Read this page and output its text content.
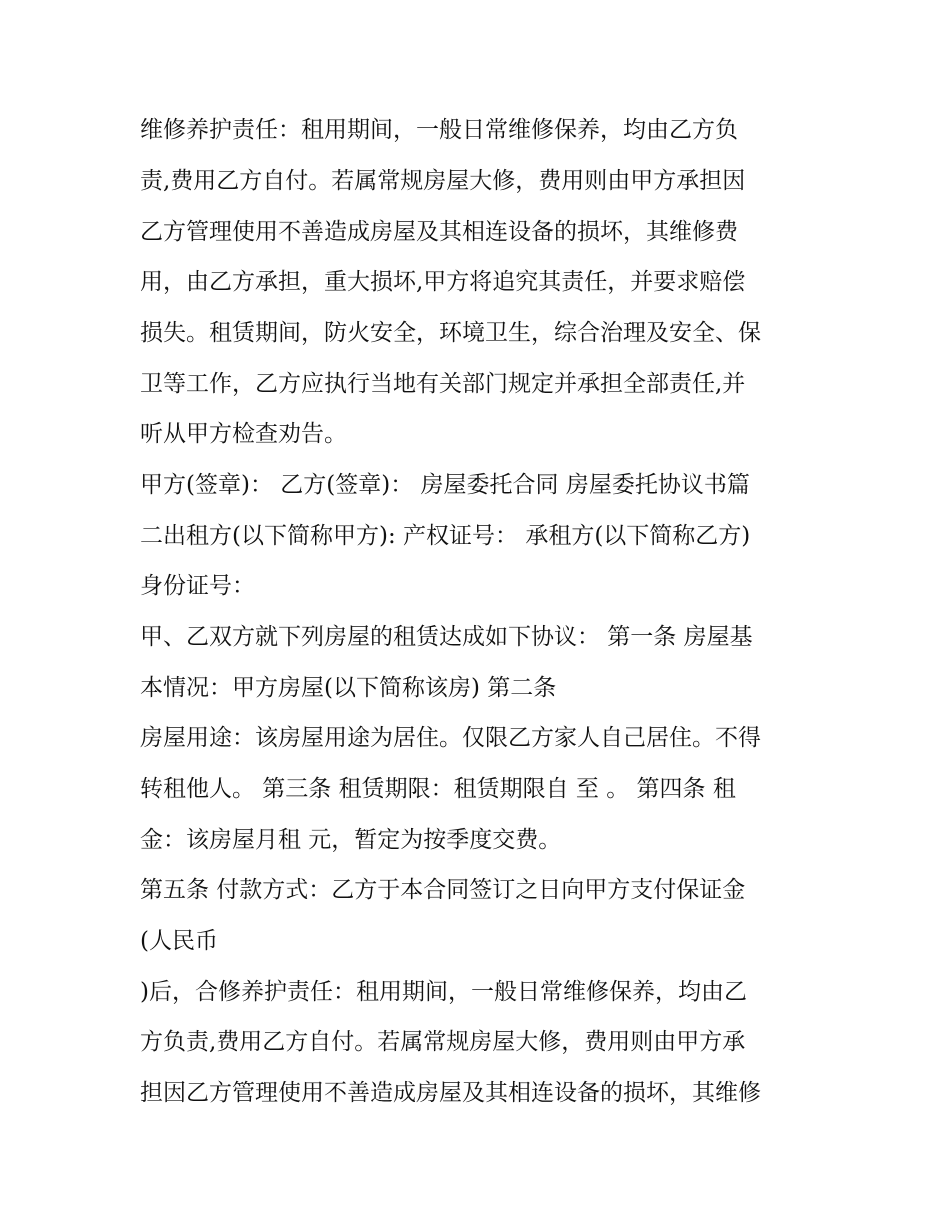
维修养护责任：租用期间，一般日常维修保养，均由乙方负
责,费用乙方自付。若属常规房屋大修，费用则由甲方承担因
乙方管理使用不善造成房屋及其相连设备的损坏，其维修费
用，由乙方承担，重大损坏,甲方将追究其责任，并要求赔偿
损失。租赁期间，防火安全，环境卫生，综合治理及安全、保
卫等工作，乙方应执行当地有关部门规定并承担全部责任,并
听从甲方检查劝告。
甲方(签章)： 乙方(签章)： 房屋委托合同 房屋委托协议书篇
二出租方(以下简称甲方): 产权证号： 承租方(以下简称乙方)
身份证号：
甲、乙双方就下列房屋的租赁达成如下协议： 第一条 房屋基
本情况：甲方房屋(以下简称该房) 第二条
房屋用途：该房屋用途为居住。仅限乙方家人自己居住。不得
转租他人。 第三条 租赁期限：租赁期限自 至 。 第四条 租
金：该房屋月租 元，暂定为按季度交费。
第五条 付款方式：乙方于本合同签订之日向甲方支付保证金
(人民币
)后，合修养护责任：租用期间，一般日常维修保养，均由乙
方负责,费用乙方自付。若属常规房屋大修，费用则由甲方承
担因乙方管理使用不善造成房屋及其相连设备的损坏，其维修
